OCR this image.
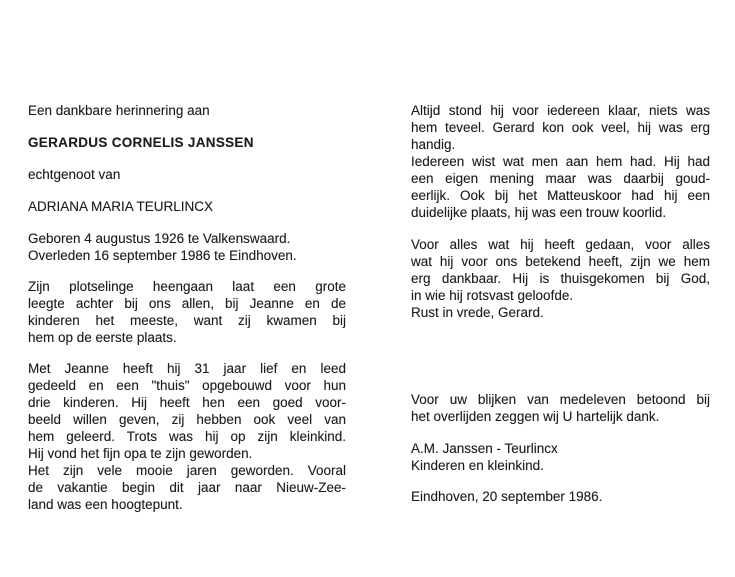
Een dankbare herinnering aan
GERARDUS CORNELIS JANSSEN
echtgenoot van
ADRIANA MARIA TEURLINCX
Geboren 4 augustus 1926 te Valkenswaard.
Overleden 16 september 1986 te Eindhoven.
Zijn plotselinge heengaan laat een grote
leegte achter bij ons allen, bij Jeanne en de
kinderen het meeste, want zij kwamen bij
hem op de eerste plaats.
Met Jeanne heeft hij 31 jaar lief en leed
gedeeld en een "thuis" opgebouwd voor hun
drie kinderen. Hij heeft hen een goed voor-
beeld willen geven, zij hebben ook veel van
hem geleerd. Trots was hij op zijn kleinkind.
Hij vond het fijn opa te zijn geworden.
Het zijn vele mooie jaren geworden. Vooral
de vakantie begin dit jaar naar Nieuw-Zee-
land was een hoogtepunt.
Altijd stond hij voor iedereen klaar, niets was
hem teveel. Gerard kon ook veel, hij was erg
handig.
Iedereen wist wat men aan hem had. Hij had
een eigen mening maar was daarbij goud-
eerlijk. Ook bij het Matteuskoor had hij een
duidelijke plaats, hij was een trouw koorlid.
Voor alles wat hij heeft gedaan, voor alles
wat hij voor ons betekend heeft, zijn we hem
erg dankbaar. Hij is thuisgekomen bij God,
in wie hij rotsvast geloofde.
Rust in vrede, Gerard.
Voor uw blijken van medeleven betoond bij
het overlijden zeggen wij U hartelijk dank.
A.M. Janssen - Teurlincx
Kinderen en kleinkind.
Eindhoven, 20 september 1986.
